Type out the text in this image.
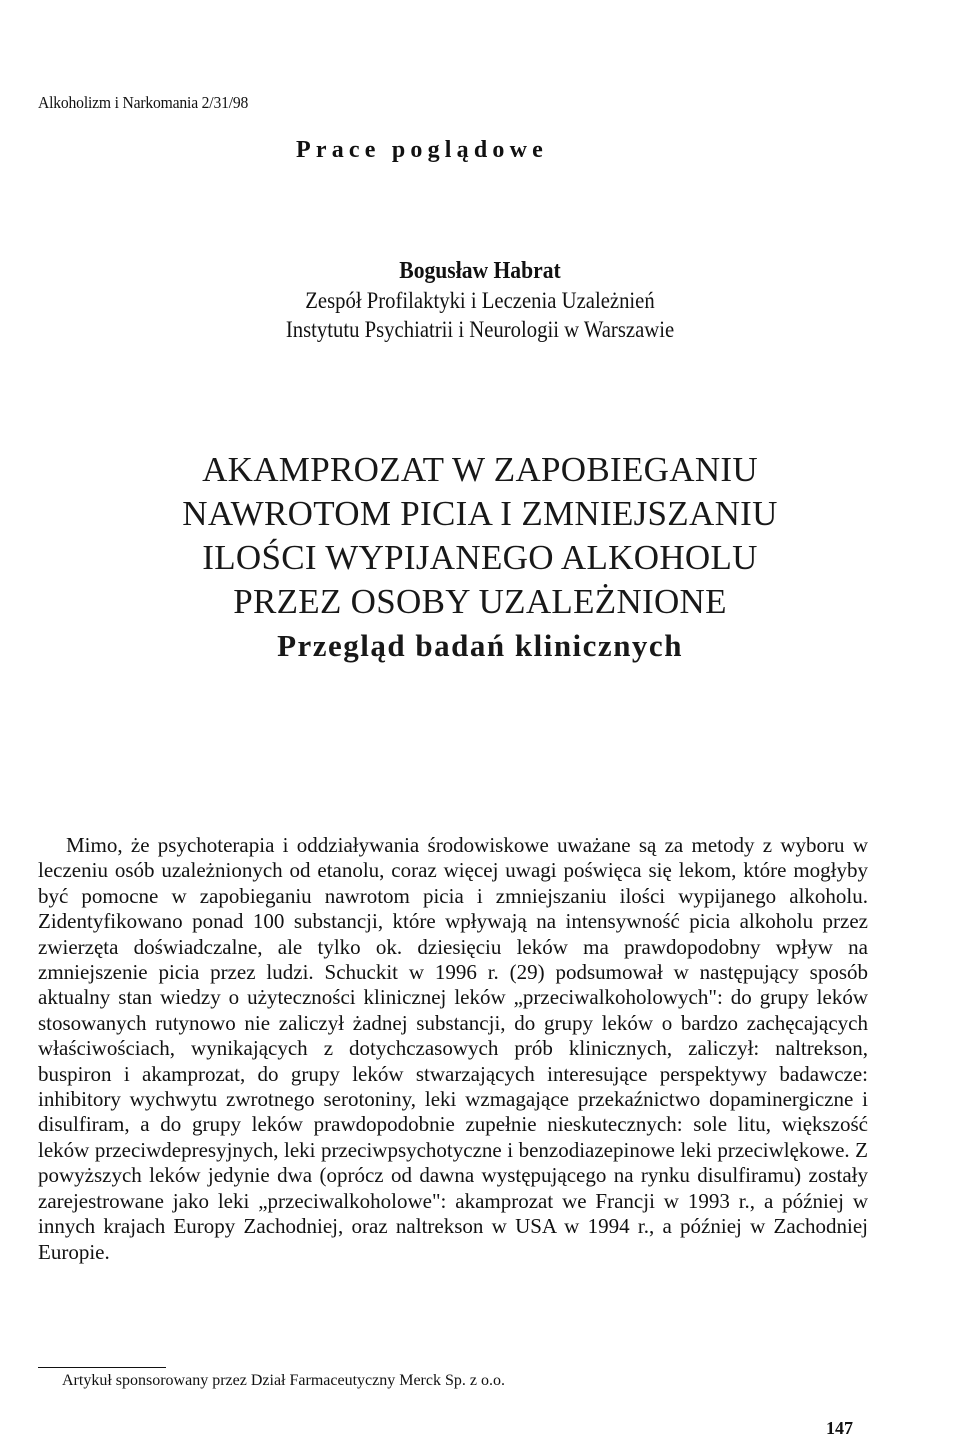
Alkoholizm i Narkomania 2/31/98
Prace poglądowe
Bogusław Habrat
Zespół Profilaktyki i Leczenia Uzależnień
Instytutu Psychiatrii i Neurologii w Warszawie
AKAMPROZAT W ZAPOBIEGANIU
NAWROTOM PICIA I ZMNIEJSZANIU
ILOŚCI WYPIJANEGO ALKOHOLU
PRZEZ OSOBY UZALEŻNIONE
Przegląd badań klinicznych

Mimo, że psychoterapia i oddziaływania środowiskowe uważane są za metody z wyboru w leczeniu osób uzależnionych od etanolu, coraz więcej uwagi poświęca się lekom, które mogłyby być pomocne w zapobieganiu nawrotom picia i zmniejszaniu ilości wypijanego alkoholu. Zidentyfikowano ponad 100 substancji, które wpływają na intensywność picia alkoholu przez zwierzęta doświadczalne, ale tylko ok. dziesięciu leków ma prawdopodobny wpływ na zmniejszenie picia przez ludzi. Schuckit w 1996 r. (29) podsumował w następujący sposób aktualny stan wiedzy o użyteczności klinicznej leków „przeciwalkoholowych": do grupy leków stosowanych rutynowo nie zaliczył żadnej substancji, do grupy leków o bardzo zachęcających właściwościach, wynikających z dotychczasowych prób klinicznych, zaliczył: naltrekson, buspiron i akamprozat, do grupy leków stwarzających interesujące perspektywy badawcze: inhibitory wychwytu zwrotnego serotoniny, leki wzmagające przekaźnictwo dopaminergiczne i disulfiram, a do grupy leków prawdopodobnie zupełnie nieskutecznych: sole litu, większość leków przeciwdepresyjnych, leki przeciwpsychotyczne i benzodiazepinowe leki przeciwlękowe. Z powyższych leków jedynie dwa (oprócz od dawna występującego na rynku disulfiramu) zostały zarejestrowane jako leki „przeciwalkoholowe": akamprozat we Francji w 1993 r., a później w innych krajach Europy Zachodniej, oraz naltrekson w USA w 1994 r., a później w Zachodniej Europie.

Artykuł sponsorowany przez Dział Farmaceutyczny Merck Sp. z o.o.
147
